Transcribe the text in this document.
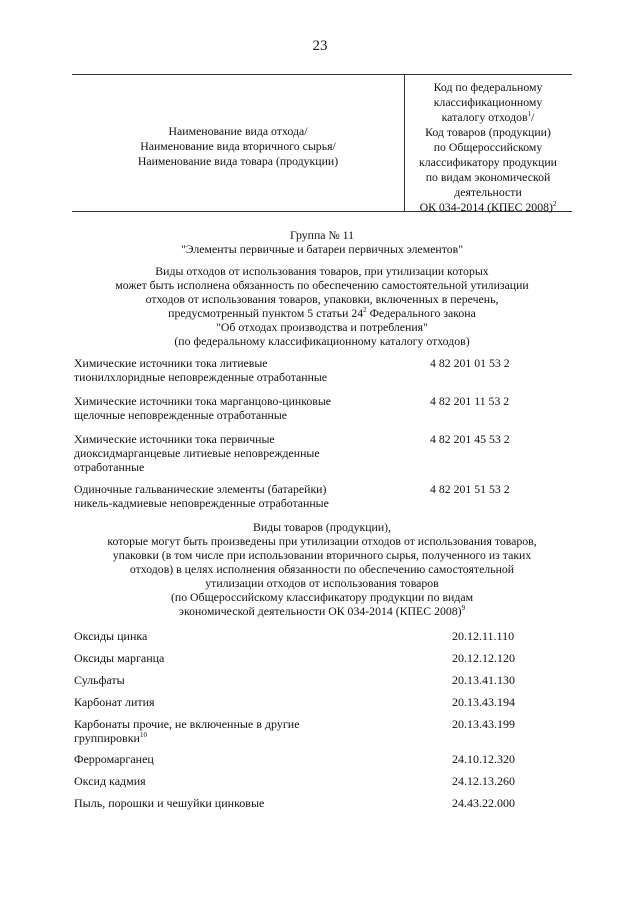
23
Наименование вида отхода/
Наименование вида вторичного сырья/
Наименование вида товара (продукции)
Код по федеральному
классификационному
каталогу отходов$^1$/
Код товаров (продукции)
по Общероссийскому
классификатору продукции
по видам экономической
деятельности
ОК 034-2014 (КПЕС 2008)$^2$
Группа № 11
"Элементы первичные и батареи первичных элементов"
Виды отходов от использования товаров, при утилизации которых
может быть исполнена обязанность по обеспечению самостоятельной утилизации
отходов от использования товаров, упаковки, включенных в перечень,
предусмотренный пунктом 5 статьи $24^2$ Федерального закона
"Об отходах производства и потребления"
(по федеральному классификационному каталогу отходов)
Химические источники тока литиевые
тионилхлоридные неповрежденные отработанные
4 82 201 01 53 2
Химические источники тока марганцово-цинковые
щелочные неповрежденные отработанные
4 82 201 11 53 2
Химические источники тока первичные
диоксидмарганцевые литиевые неповрежденные
отработанные
4 82 201 45 53 2
Одиночные гальванические элементы (батарейки)
никель-кадмиевые неповрежденные отработанные
4 82 201 51 53 2
Виды товаров (продукции),
которые могут быть произведены при утилизации отходов от использования товаров,
упаковки (в том числе при использовании вторичного сырья, полученного из таких
отходов) в целях исполнения обязанности по обеспечению самостоятельной
утилизации отходов от использования товаров
(по Общероссийскому классификатору продукции по видам
экономической деятельности ОК 034-2014 (КПЕС 2008)$^9$
Оксиды цинка	20.12.11.110
Оксиды марганца	20.12.12.120
Сульфаты	20.13.41.130
Карбонат лития	20.13.43.194
Карбонаты прочие, не включенные в другие
группировки$^{10}$
20.13.43.199
Ферромарганец	24.10.12.320
Оксид кадмия	24.12.13.260
Пыль, порошки и чешуйки цинковые	24.43.22.000
